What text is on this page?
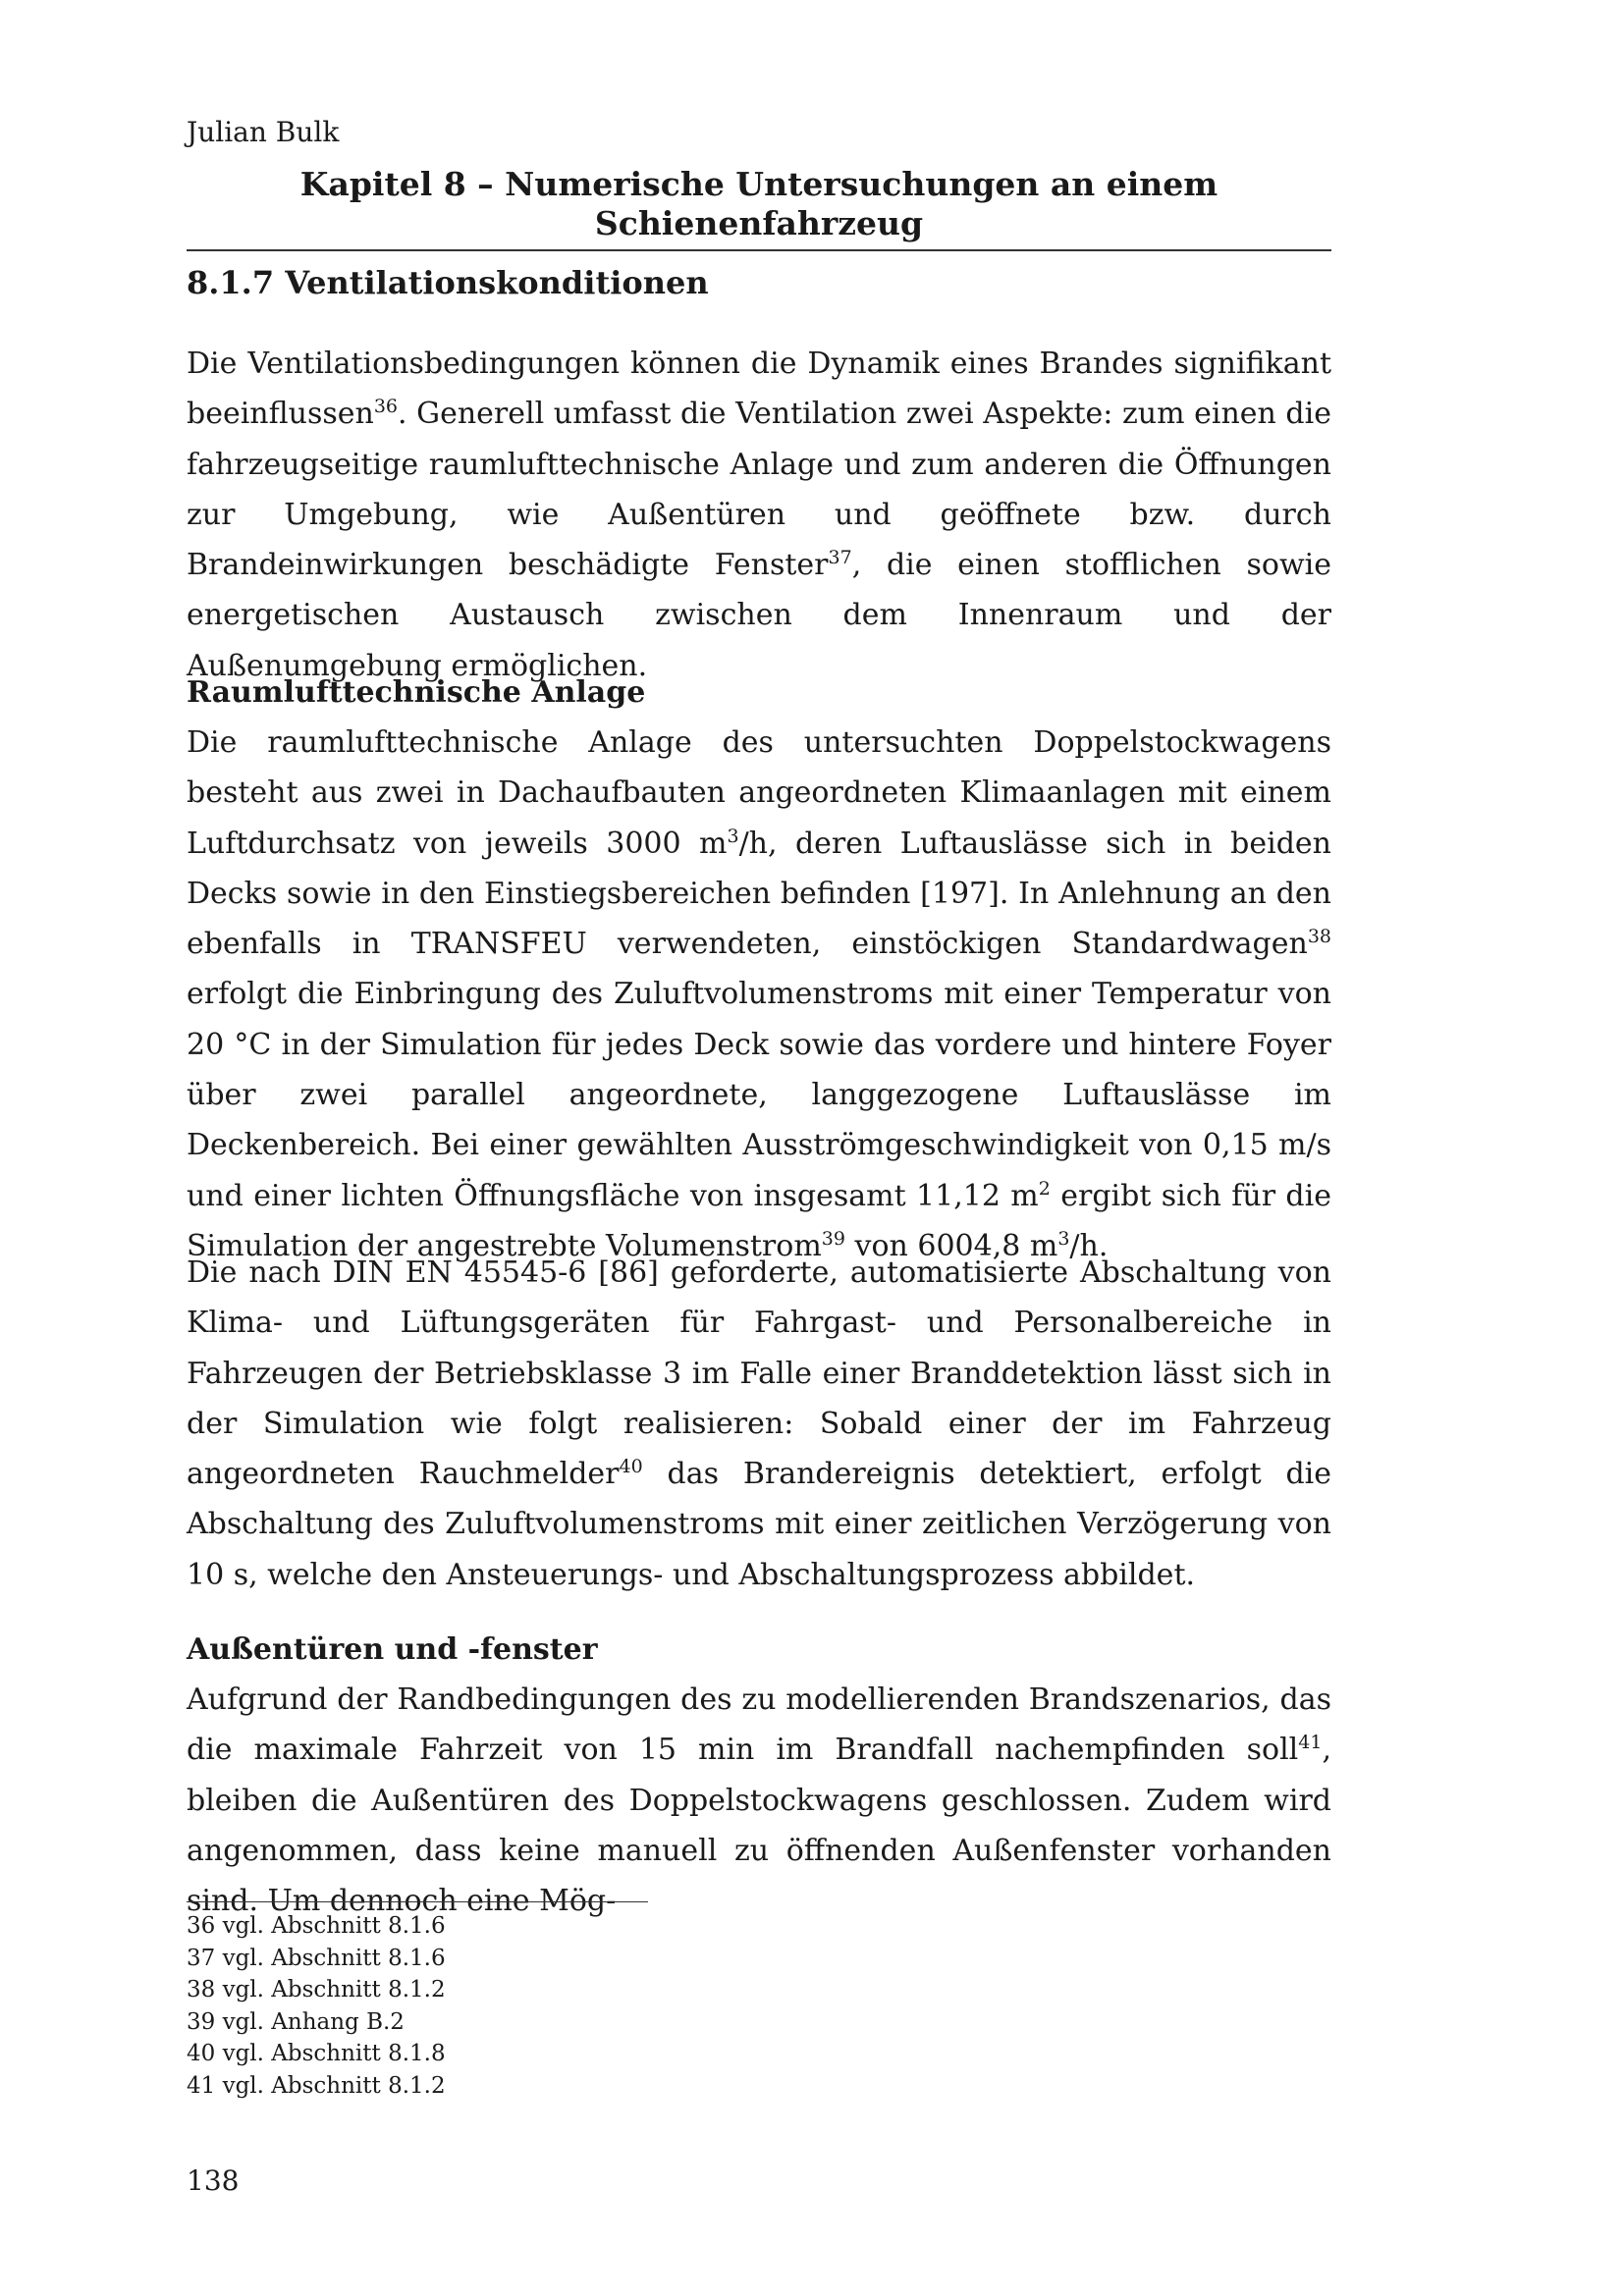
Julian Bulk
Kapitel 8 – Numerische Untersuchungen an einem Schienenfahrzeug
8.1.7 Ventilationskonditionen

Die Ventilationsbedingungen können die Dynamik eines Brandes signifikant beeinflussen$^{36}$. Generell umfasst die Ventilation zwei Aspekte: zum einen die fahrzeugseitige raumlufttechnische Anlage und zum anderen die Öffnungen zur Umgebung, wie Außentüren und geöffnete bzw. durch Brandeinwirkungen beschädigte Fenster$^{37}$, die einen stofflichen sowie energetischen Austausch zwischen dem Innenraum und der Außenumgebung ermöglichen.

Raumlufttechnische Anlage

Die raumlufttechnische Anlage des untersuchten Doppelstockwagens besteht aus zwei in Dachaufbauten angeordneten Klimaanlagen mit einem Luftdurchsatz von jeweils 3000 $m^3/h$, deren Luftauslässe sich in beiden Decks sowie in den Einstiegsbereichen befinden [197]. In Anlehnung an den ebenfalls in TRANSFEU verwendeten, einstöckigen Standardwagen$^{38}$ erfolgt die Einbringung des Zuluftvolumenstroms mit einer Temperatur von 20 °C in der Simulation für jedes Deck sowie das vordere und hintere Foyer über zwei parallel angeordnete, langgezogene Luftauslässe im Deckenbereich. Bei einer gewählten Ausströmgeschwindigkeit von 0,15 m/s und einer lichten Öffnungsfläche von insgesamt 11,12 $m^2$ ergibt sich für die Simulation der angestrebte Volumenstrom$^{39}$ von 6004,8 $m^3/h$.

Die nach DIN EN 45545-6 [86] geforderte, automatisierte Abschaltung von Klima- und Lüftungsgeräten für Fahrgast- und Personalbereiche in Fahrzeugen der Betriebsklasse 3 im Falle einer Branddetektion lässt sich in der Simulation wie folgt realisieren: Sobald einer der im Fahrzeug angeordneten Rauchmelder$^{40}$ das Brandereignis detektiert, erfolgt die Abschaltung des Zuluftvolumenstroms mit einer zeitlichen Verzögerung von 10 s, welche den Ansteuerungs- und Abschaltungsprozess abbildet.

Außentüren und -fenster

Aufgrund der Randbedingungen des zu modellierenden Brandszenarios, das die maximale Fahrzeit von 15 min im Brandfall nachempfinden soll$^{41}$, bleiben die Außentüren des Doppelstockwagens geschlossen. Zudem wird angenommen, dass keine manuell zu öffnenden Außenfenster vorhanden sind. Um dennoch eine Mög-

36 vgl. Abschnitt 8.1.6
37 vgl. Abschnitt 8.1.6
38 vgl. Abschnitt 8.1.2
39 vgl. Anhang B.2
40 vgl. Abschnitt 8.1.8
41 vgl. Abschnitt 8.1.2
138
